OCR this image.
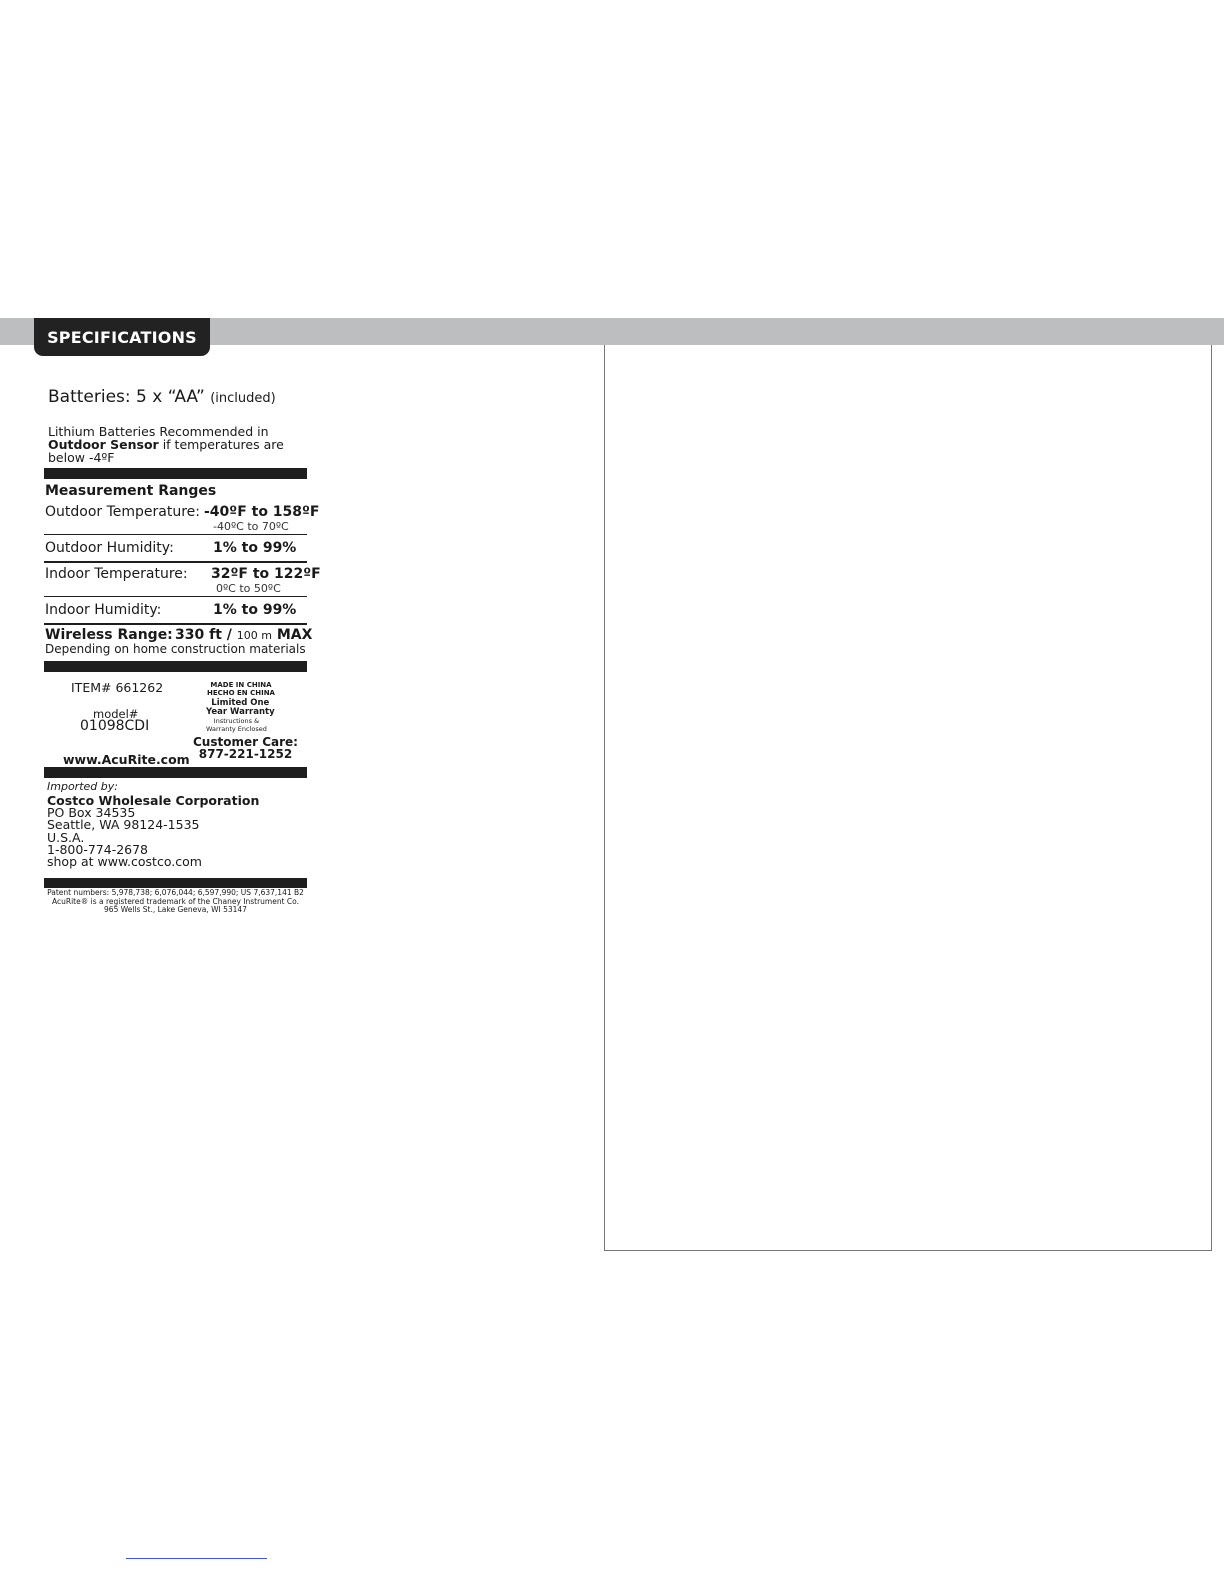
SPECIFICATIONS
Batteries: 5 x “AA” (included)
Lithium Batteries Recommended in
Outdoor Sensor if temperatures are
below -4ºF
Measurement Ranges
Outdoor Temperature: -40ºF to 158ºF
-40ºC to 70ºC
Outdoor Humidity:	1% to 99%
Indoor Temperature: 32ºF to 122ºF
0ºC to 50ºC
Indoor Humidity:	1% to 99%
Wireless Range: 330 ft / 100 m MAX
Depending on home construction materials
ITEM# 661262
model#
01098CDI
www.AcuRite.com
MADE IN CHINA
HECHO EN CHINA
Limited One
Year Warranty
Instructions &
Warranty Enclosed
Customer Care:
877-221-1252
Imported by:
Costco Wholesale Corporation
PO Box 34535
Seattle, WA 98124-1535
U.S.A.
1-800-774-2678
shop at www.costco.com
Patent numbers: 5,978,738; 6,076,044; 6,597,990; US 7,637,141 B2
AcuRite® is a registered trademark of the Chaney Instrument Co.
965 Wells St., Lake Geneva, WI 53147
